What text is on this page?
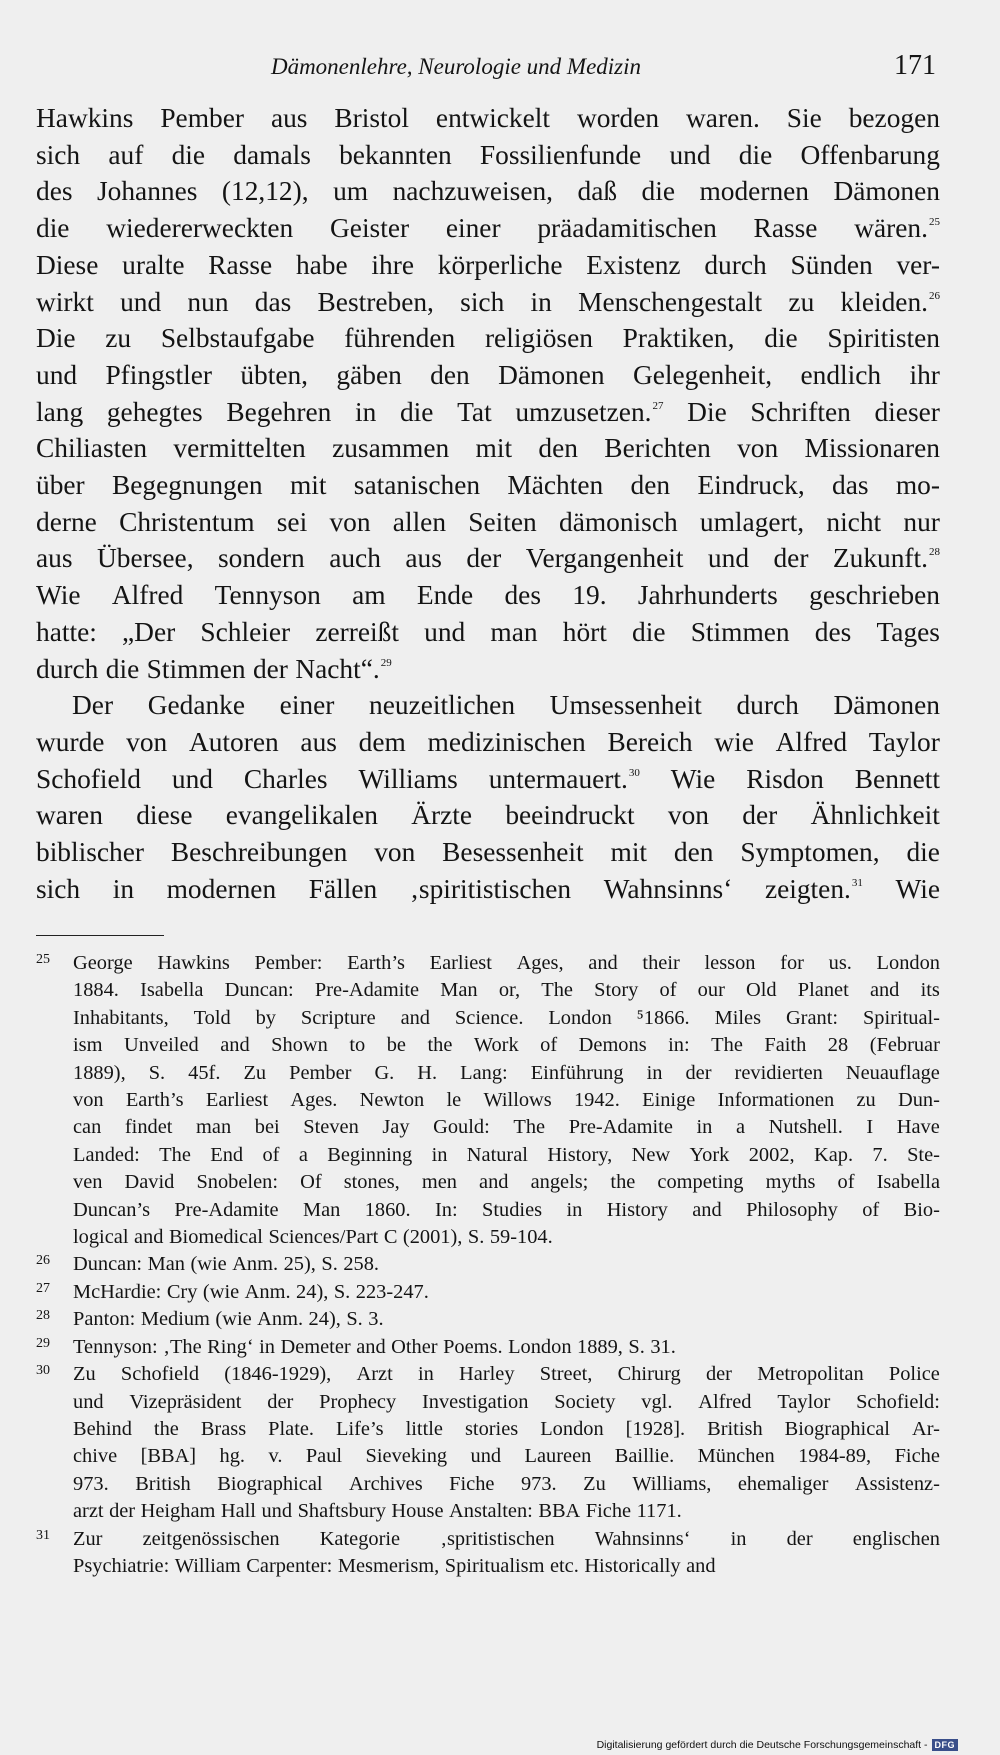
Dämonenlehre, Neurologie und Medizin	171
Hawkins Pember aus Bristol entwickelt worden waren. Sie bezogen
sich auf die damals bekannten Fossilienfunde und die Offenbarung
des Johannes (12,12), um nachzuweisen, daß die modernen Dämonen
die wiedererweckten Geister einer präadamitischen Rasse wären.$^{25}$
Diese uralte Rasse habe ihre körperliche Existenz durch Sünden ver-
wirkt und nun das Bestreben, sich in Menschengestalt zu kleiden.$^{26}$
Die zu Selbstaufgabe führenden religiösen Praktiken, die Spiritisten
und Pfingstler übten, gäben den Dämonen Gelegenheit, endlich ihr
lang gehegtes Begehren in die Tat umzusetzen.$^{27}$ Die Schriften dieser
Chiliasten vermittelten zusammen mit den Berichten von Missionaren
über Begegnungen mit satanischen Mächten den Eindruck, das mo-
derne Christentum sei von allen Seiten dämonisch umlagert, nicht nur
aus Übersee, sondern auch aus der Vergangenheit und der Zukunft.$^{28}$
Wie Alfred Tennyson am Ende des 19. Jahrhunderts geschrieben
hatte: „Der Schleier zerreißt und man hört die Stimmen des Tages
durch die Stimmen der Nacht“.$^{29}$
Der Gedanke einer neuzeitlichen Umsessenheit durch Dämonen
wurde von Autoren aus dem medizinischen Bereich wie Alfred Taylor
Schofield und Charles Williams untermauert.$^{30}$ Wie Risdon Bennett
waren diese evangelikalen Ärzte beeindruckt von der Ähnlichkeit
biblischer Beschreibungen von Besessenheit mit den Symptomen, die
sich in modernen Fällen ‚spiritistischen Wahnsinns‘ zeigten.$^{31}$ Wie
25 George Hawkins Pember: Earth’s Earliest Ages, and their lesson for us. London
1884. Isabella Duncan: Pre-Adamite Man or, The Story of our Old Planet and its
Inhabitants, Told by Scripture and Science. London ⁵1866. Miles Grant: Spiritual-
ism Unveiled and Shown to be the Work of Demons in: The Faith 28 (Februar
1889), S. 45f. Zu Pember G. H. Lang: Einführung in der revidierten Neuauflage
von Earth’s Earliest Ages. Newton le Willows 1942. Einige Informationen zu Dun-
can findet man bei Steven Jay Gould: The Pre-Adamite in a Nutshell. I Have
Landed: The End of a Beginning in Natural History, New York 2002, Kap. 7. Ste-
ven David Snobelen: Of stones, men and angels; the competing myths of Isabella
Duncan’s Pre-Adamite Man 1860. In: Studies in History and Philosophy of Bio-
logical and Biomedical Sciences/Part C (2001), S. 59-104.
26 Duncan: Man (wie Anm. 25), S. 258.
27 McHardie: Cry (wie Anm. 24), S. 223-247.
28 Panton: Medium (wie Anm. 24), S. 3.
29 Tennyson: ‚The Ring‘ in Demeter and Other Poems. London 1889, S. 31.
30 Zu Schofield (1846-1929), Arzt in Harley Street, Chirurg der Metropolitan Police
und Vizepräsident der Prophecy Investigation Society vgl. Alfred Taylor Schofield:
Behind the Brass Plate. Life’s little stories London [1928]. British Biographical Ar-
chive [BBA] hg. v. Paul Sieveking und Laureen Baillie. München 1984-89, Fiche
973. British Biographical Archives Fiche 973. Zu Williams, ehemaliger Assistenz-
arzt der Heigham Hall und Shaftsbury House Anstalten: BBA Fiche 1171.
31 Zur zeitgenössischen Kategorie ‚spritistischen Wahnsinns‘ in der englischen
Psychiatrie: William Carpenter: Mesmerism, Spiritualism etc. Historically and
Digitalisierung gefördert durch die Deutsche Forschungsgemeinschaft - DFG
